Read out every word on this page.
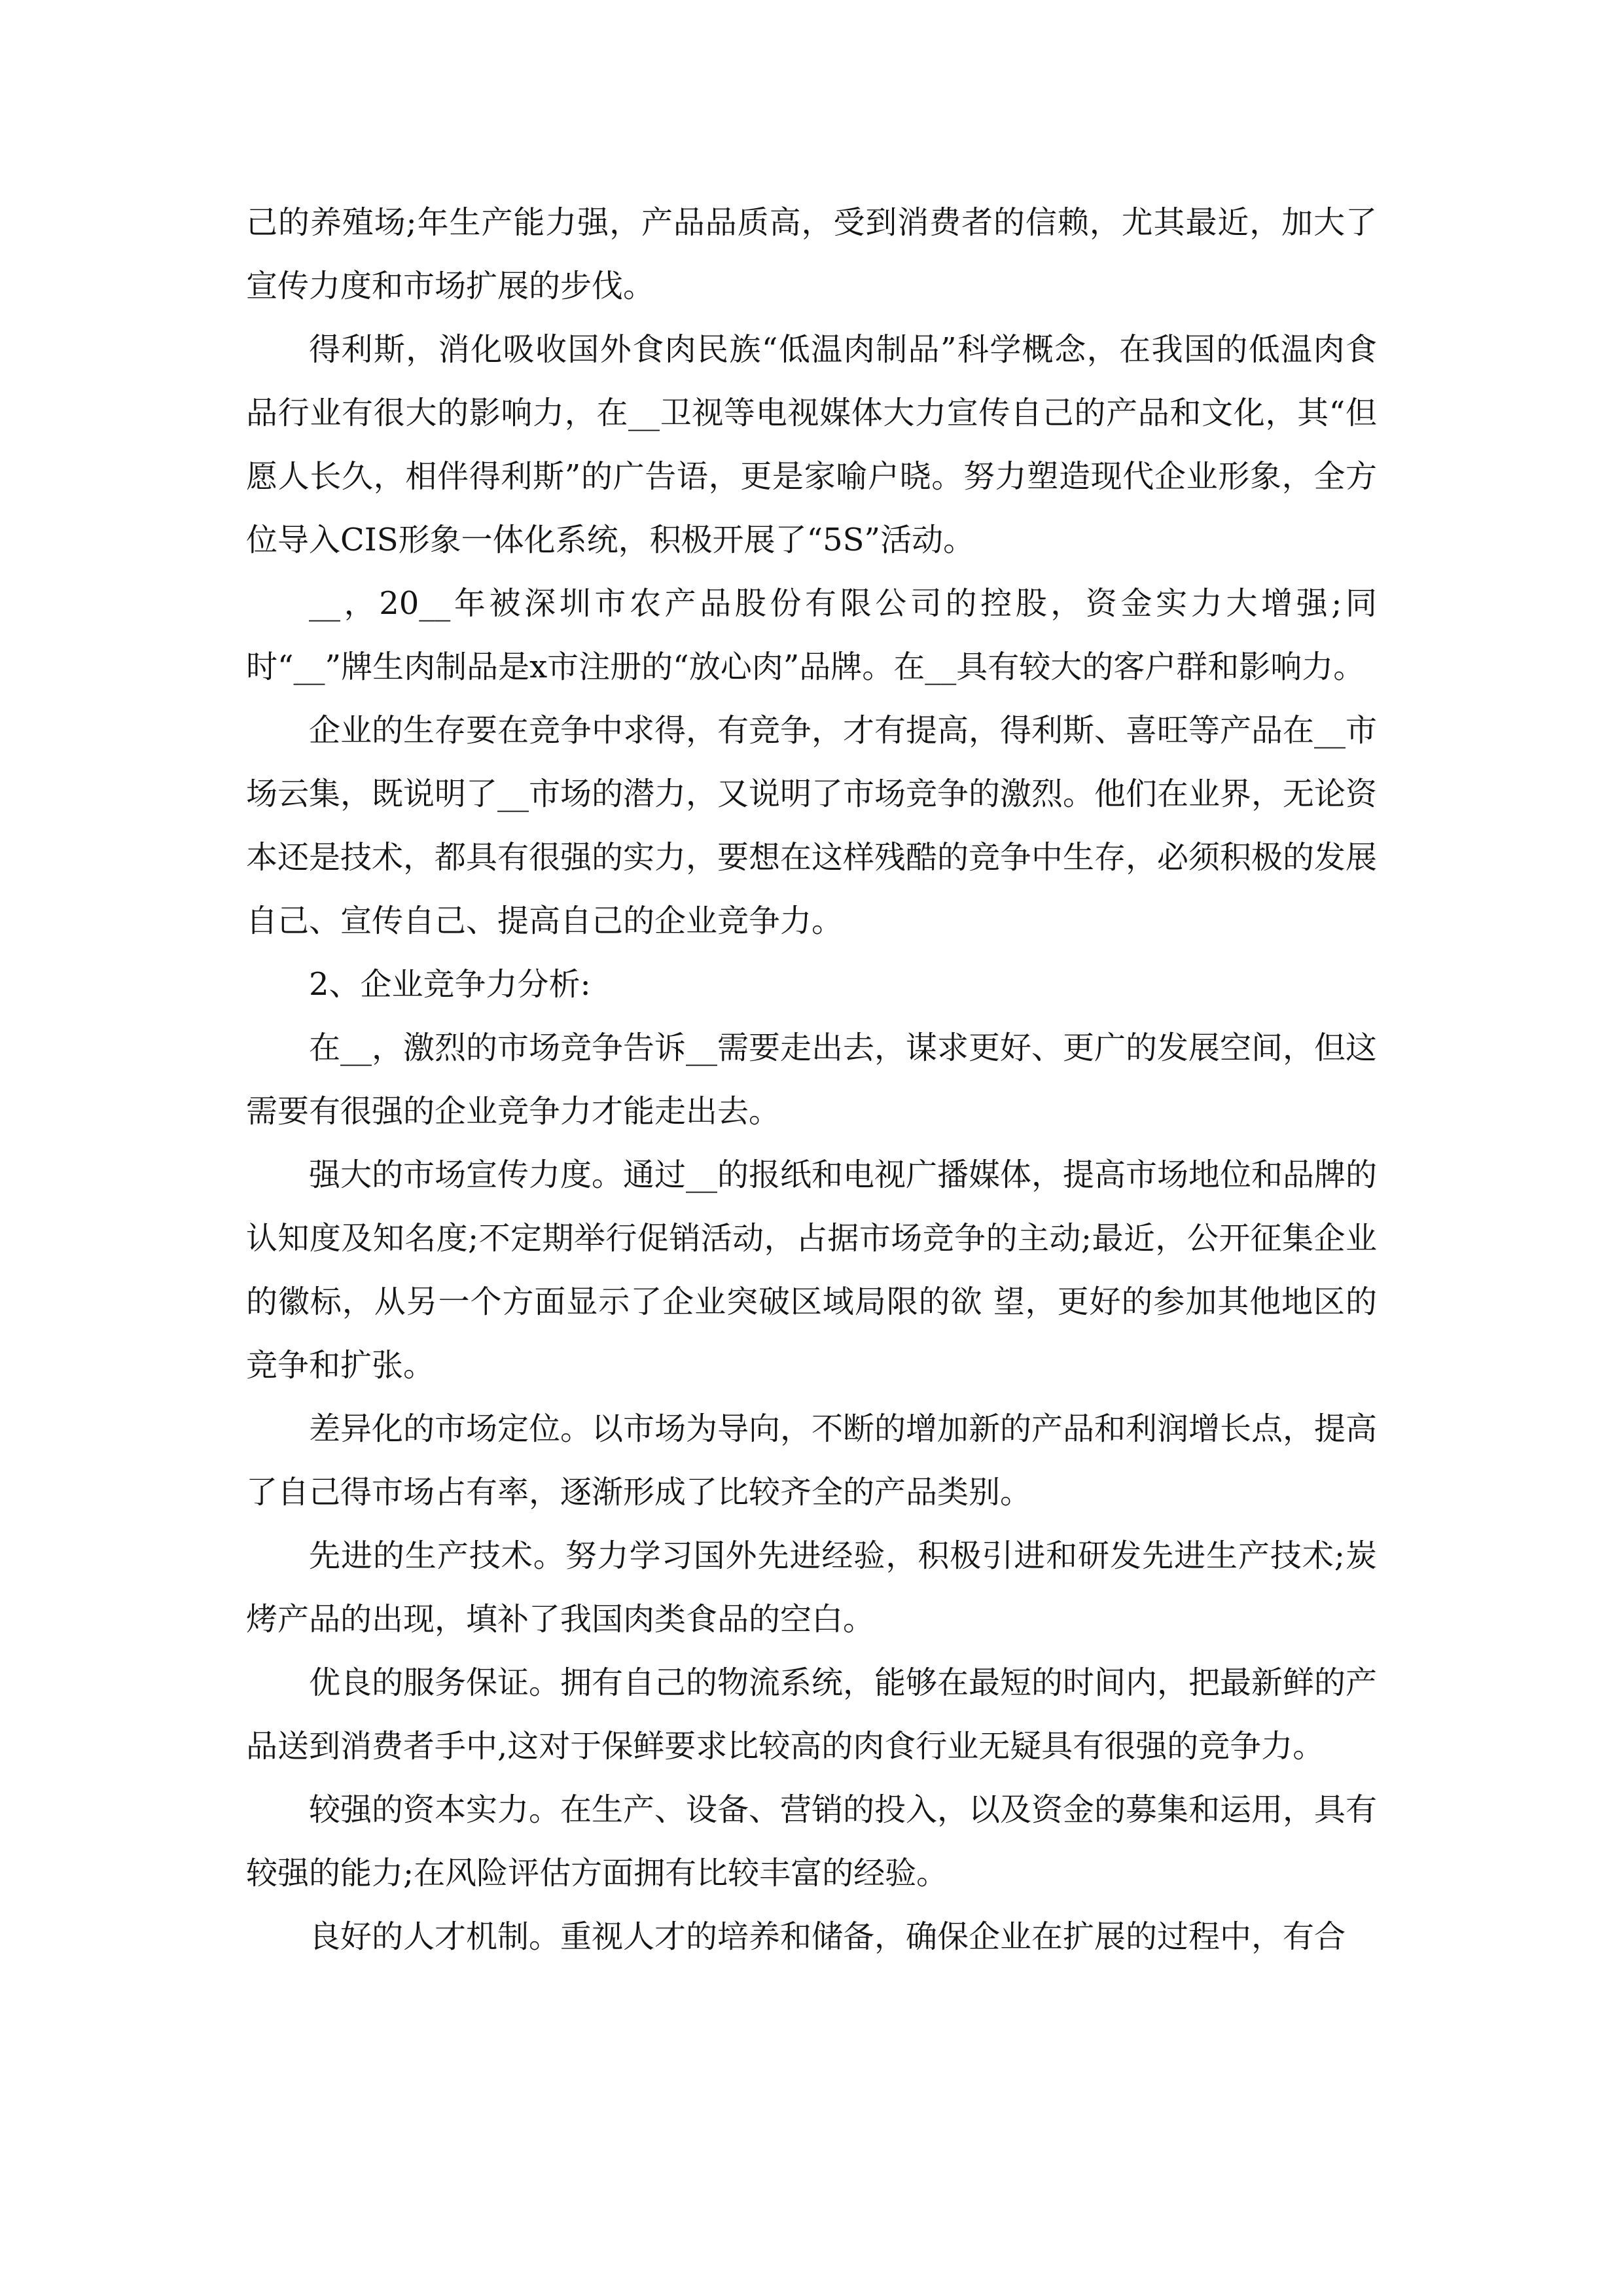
己的养殖场;年生产能力强，产品品质高，受到消费者的信赖，尤其最近，加大了宣传力度和市场扩展的步伐。

得利斯，消化吸收国外食肉民族“低温肉制品”科学概念，在我国的低温肉食品行业有很大的影响力，在__卫视等电视媒体大力宣传自己的产品和文化，其“但愿人长久，相伴得利斯”的广告语，更是家喻户晓。努力塑造现代企业形象，全方位导入CIS形象一体化系统，积极开展了“5S”活动。

__，20__年被深圳市农产品股份有限公司的控股，资金实力大增强;同时“__”牌生肉制品是x市注册的“放心肉”品牌。在__具有较大的客户群和影响力。

企业的生存要在竞争中求得，有竞争，才有提高，得利斯、喜旺等产品在__市场云集，既说明了__市场的潜力，又说明了市场竞争的激烈。他们在业界，无论资本还是技术，都具有很强的实力，要想在这样残酷的竞争中生存，必须积极的发展自己、宣传自己、提高自己的企业竞争力。

2、企业竞争力分析:

在__，激烈的市场竞争告诉__需要走出去，谋求更好、更广的发展空间，但这需要有很强的企业竞争力才能走出去。

强大的市场宣传力度。通过__的报纸和电视广播媒体，提高市场地位和品牌的认知度及知名度;不定期举行促销活动，占据市场竞争的主动;最近，公开征集企业的徽标，从另一个方面显示了企业突破区域局限的欲 望，更好的参加其他地区的竞争和扩张。

差异化的市场定位。以市场为导向，不断的增加新的产品和利润增长点，提高了自己得市场占有率，逐渐形成了比较齐全的产品类别。

先进的生产技术。努力学习国外先进经验，积极引进和研发先进生产技术;炭烤产品的出现，填补了我国肉类食品的空白。

优良的服务保证。拥有自己的物流系统，能够在最短的时间内，把最新鲜的产品送到消费者手中,这对于保鲜要求比较高的肉食行业无疑具有很强的竞争力。

较强的资本实力。在生产、设备、营销的投入，以及资金的募集和运用，具有较强的能力;在风险评估方面拥有比较丰富的经验。

良好的人才机制。重视人才的培养和储备，确保企业在扩展的过程中，有合
